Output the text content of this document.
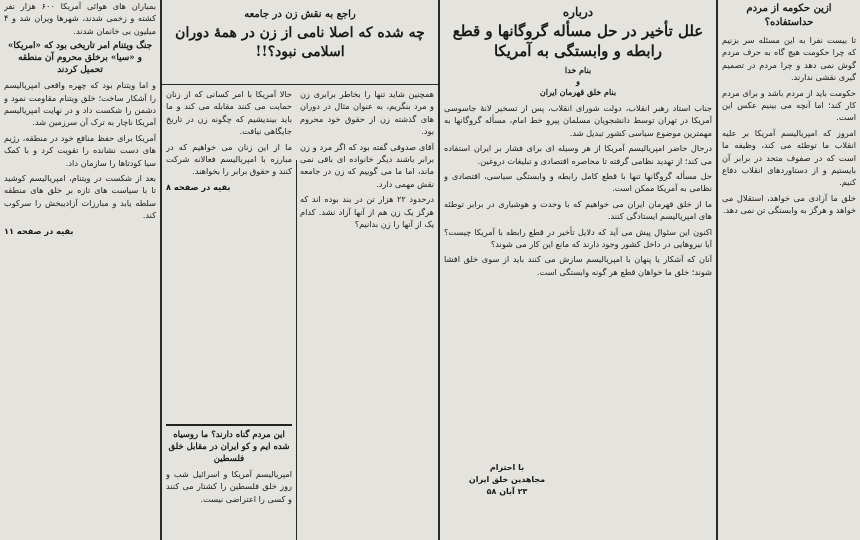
ازین حکومه از مردم حداستفاده؟

تا بیست نفرا به این مسئله سر بزنیم که چرا حکومت هیچ گاه به حرف مردم گوش نمی دهد و چرا مردم در تصمیم گیری نقشی ندارند.

حکومت باید از مردم باشد و برای مردم کار کند؛ اما آنچه می بینیم عکس این است.

امروز که امپریالیسم آمریکا بر علیه انقلاب ما توطئه می کند، وظیفه ما است که در صفوف متحد در برابر آن بایستیم و از دستاوردهای انقلاب دفاع کنیم.

خلق ما آزادی می خواهد، استقلال می خواهد و هرگز به وابستگی تن نمی دهد.

درباره
علل تأخیر در حل مسأله گروگانها و قطع رابطه و وابستگی به آمریکا
بنام خدا
و
بنام خلق قهرمان ایران

جناب استاد رهبر انقلاب، دولت شورای انقلاب، پس از تسخیر لانهٔ جاسوسی آمریکا در تهران توسط دانشجویان مسلمان پیرو خط امام، مسأله گروگانها به مهمترین موضوع سیاسی کشور تبدیل شد.

درحال حاضر امپریالیسم آمریکا از هر وسیله ای برای فشار بر ایران استفاده می کند؛ از تهدید نظامی گرفته تا محاصره اقتصادی و تبلیغات دروغین.

حل مسأله گروگانها تنها با قطع کامل رابطه و وابستگی سیاسی، اقتصادی و نظامی به آمریکا ممکن است.

ما از خلق قهرمان ایران می خواهیم که با وحدت و هوشیاری در برابر توطئه های امپریالیسم ایستادگی کنند.

اکنون این سئوال پیش می آید که دلایل تأخیر در قطع رابطه با آمریکا چیست؟ آیا نیروهایی در داخل کشور وجود دارند که مانع این کار می شوند؟

آنان که آشکار یا پنهان با امپریالیسم سازش می کنند باید از سوی خلق افشا شوند؛ خلق ما خواهان قطع هر گونه وابستگی است.

با احترام
مجاهدین خلق ایران
۲۳ آبان ۵۸
راجع به نقش زن در جامعه
چه شده که اصلا نامی از زن در همهٔ دوران اسلامی نبود؟!!

همچنین شاید تنها را بخاطر برابری زن و مرد بنگریم، به عنوان مثال در دوران های گذشته زن از حقوق خود محروم بود.

آقای صدوقی گفته بود که اگر مرد و زن برابر باشند دیگر خانواده ای باقی نمی ماند، اما ما می گوییم که زن در جامعه نقش مهمی دارد.

درحدود ۲۲ هزار تن در بند بوده اند که هرگز یک زن هم از آنها آزاد نشد. کدام یک از آنها را زن بدانیم؟

حالا آمریکا با امر کسانی که از زنان حمایت می کنند مقابله می کند و ما باید بیندیشیم که چگونه زن در تاریخ جایگاهی نیافت.

ما از این زنان می خواهیم که در مبارزه با امپریالیسم فعالانه شرکت کنند و حقوق برابر را بخواهند.

بقیه در صفحه ۸
این مردم گناه دارند؟ ما روسیاه شده ایم و کو ایران در مقابل خلق فلسطین

امپریالیسم آمریکا و اسرائیل شب و روز خلق فلسطین را کشتار می کنند و کسی را اعتراضی نیست.

بمباران های هوائی آمریکا ۶۰۰ هزار نفر کشته و زخمی شدند، شهرها ویران شد و ۴ میلیون بی خانمان شدند.

جنگ ویتنام امر تاریخی بود که «امریکا» و «سیا» برخلق محروم آن منطقه تحمیل کردند

و اما ویتنام بود که چهره واقعی امپریالیسم را آشکار ساخت؛ خلق ویتنام مقاومت نمود و دشمن را شکست داد و در نهایت امپریالیسم آمریکا ناچار به ترک آن سرزمین شد.

آمریکا برای حفظ منافع خود در منطقه، رژیم های دست نشانده را تقویت کرد و با کمک سیا کودتاها را سازمان داد.

بعد از شکست در ویتنام، امپریالیسم کوشید تا با سیاست های تازه بر خلق های منطقه سلطه یابد و مبارزات آزادیبخش را سرکوب کند.

بقیه در صفحه ۱۱
